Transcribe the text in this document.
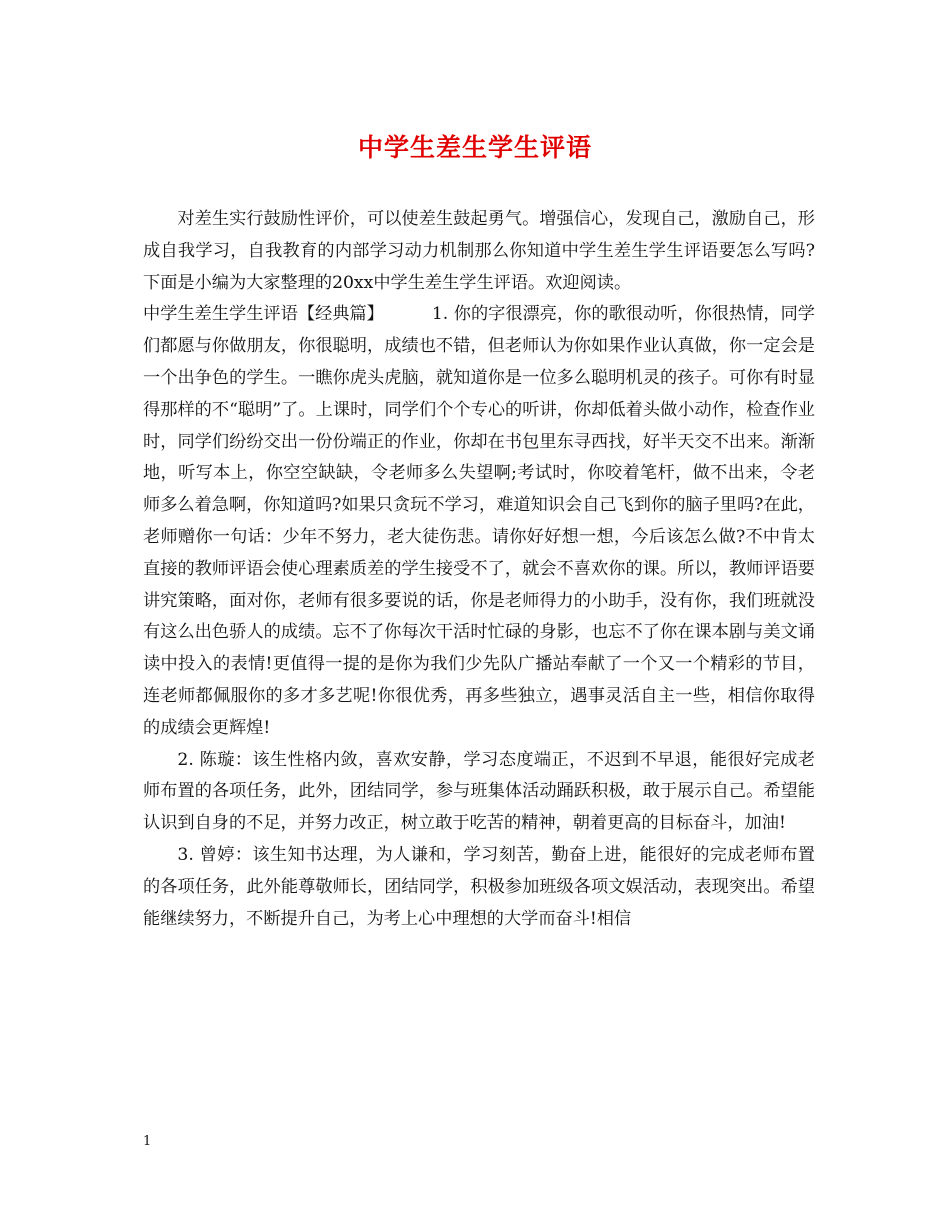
中学生差生学生评语

对差生实行鼓励性评价，可以使差生鼓起勇气。增强信心，发现自己，激励自己，形成自我学习，自我教育的内部学习动力机制那么你知道中学生差生学生评语要怎么写吗?下面是小编为大家整理的20xx中学生差生学生评语。欢迎阅读。

中学生差生学生评语【经典篇】	1. 你的字很漂亮，你的歌很动听，你很热情，同学们都愿与你做朋友，你很聪明，成绩也不错，但老师认为你如果作业认真做，你一定会是一个出争色的学生。一瞧你虎头虎脑，就知道你是一位多么聪明机灵的孩子。可你有时显得那样的不“聪明”了。上课时，同学们个个专心的听讲，你却低着头做小动作，检查作业时，同学们纷纷交出一份份端正的作业，你却在书包里东寻西找，好半天交不出来。渐渐地，听写本上，你空空缺缺，令老师多么失望啊;考试时，你咬着笔杆，做不出来，令老师多么着急啊，你知道吗?如果只贪玩不学习，难道知识会自己飞到你的脑子里吗?在此，老师赠你一句话：少年不努力，老大徒伤悲。请你好好想一想，今后该怎么做?不中肯太直接的教师评语会使心理素质差的学生接受不了，就会不喜欢你的课。所以，教师评语要讲究策略，面对你，老师有很多要说的话，你是老师得力的小助手，没有你，我们班就没有这么出色骄人的成绩。忘不了你每次干活时忙碌的身影，也忘不了你在课本剧与美文诵读中投入的表情!更值得一提的是你为我们少先队广播站奉献了一个又一个精彩的节目，连老师都佩服你的多才多艺呢!你很优秀，再多些独立，遇事灵活自主一些，相信你取得的成绩会更辉煌!

2. 陈璇：该生性格内敛，喜欢安静，学习态度端正，不迟到不早退，能很好完成老师布置的各项任务，此外，团结同学，参与班集体活动踊跃积极，敢于展示自己。希望能认识到自身的不足，并努力改正，树立敢于吃苦的精神，朝着更高的目标奋斗，加油!

3. 曾婷：该生知书达理，为人谦和，学习刻苦，勤奋上进，能很好的完成老师布置的各项任务，此外能尊敬师长，团结同学，积极参加班级各项文娱活动，表现突出。希望能继续努力，不断提升自己，为考上心中理想的大学而奋斗!相信

1
